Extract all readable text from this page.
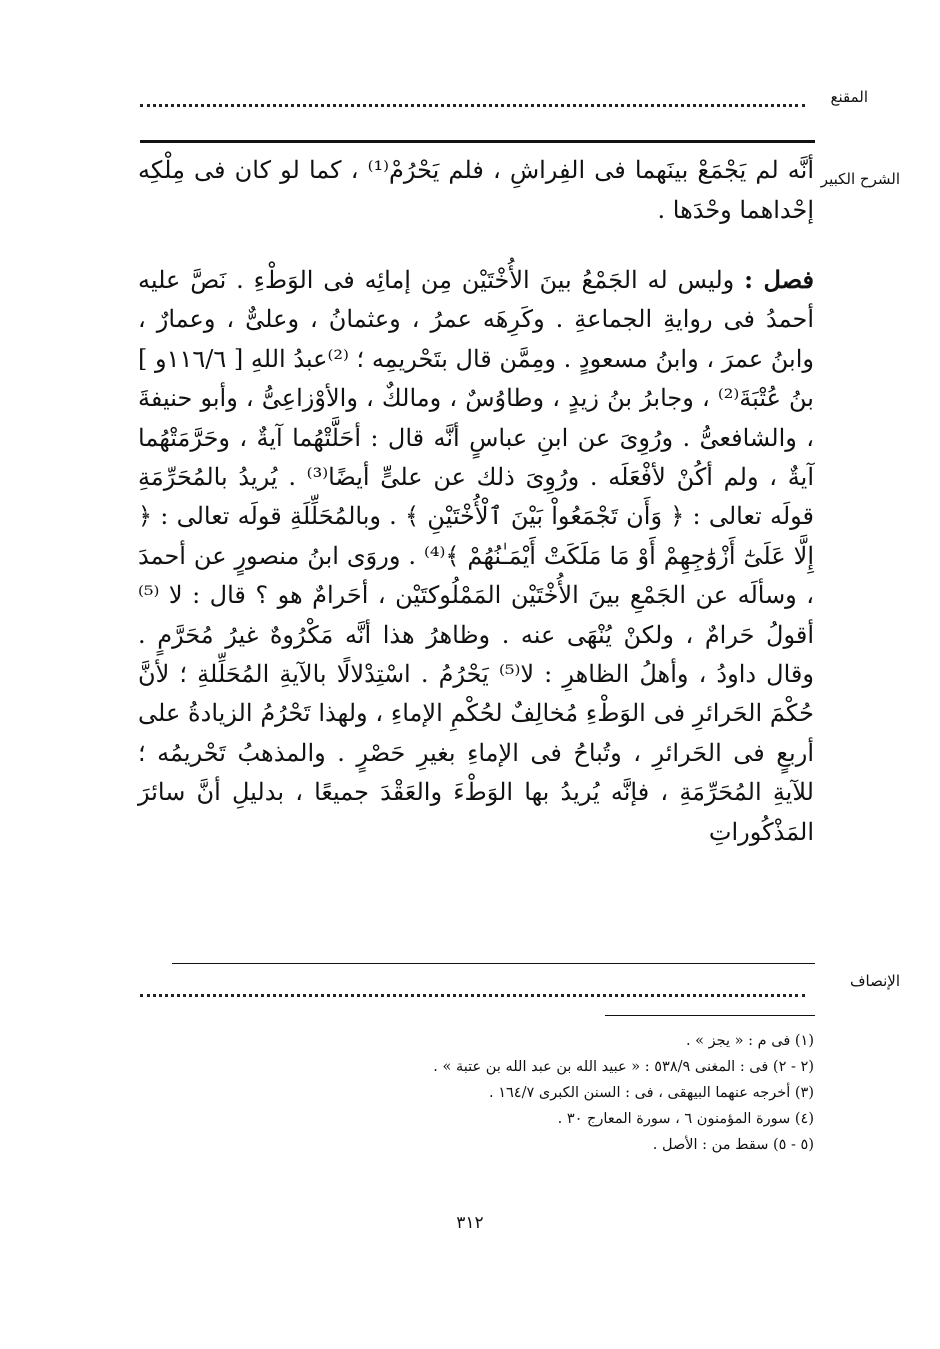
المقنع
الشرح الكبير

أنَّه لم يَجْمَعْ بينَهما فى الفِراشِ ، فلم يَحْرُمْ⁽¹⁾ ، كما لو كان فى مِلْكِه إحْداهما وحْدَها .

فصل : وليس له الجَمْعُ بينَ الأُخْتَيْن مِن إمائِه فى الوَطْءِ . نَصَّ عليه أحمدُ فى روايةِ الجماعةِ . وكَرِهَه عمرُ ، وعثمانُ ، وعلىٌّ ، وعمارٌ ، وابنُ عمرَ ، وابنُ مسعودٍ . ومِمَّن قال بتَحْريمِه ؛ ⁽²⁾عبدُ اللهِ [ ١١٦/٦و ] بنُ عُتْبَةَ⁽²⁾ ، وجابرُ بنُ زيدٍ ، وطاوُسٌ ، ومالكٌ ، والأوْزاعِىُّ ، وأبو حنيفةَ ، والشافعىُّ . ورُوِىَ عن ابنِ عباسٍ أنَّه قال : أحَلَّتْهُما آيةٌ ، وحَرَّمَتْهُما آيةٌ ، ولم أكُنْ لأفْعَلَه . ورُوِىَ ذلك عن علىٍّ أيضًا⁽³⁾ . يُريدُ بالمُحَرِّمَةِ قولَه تعالى : ﴿ وَأَن تَجْمَعُواْ بَيْنَ ٱلْأُخْتَيْنِ ﴾ . وبالمُحَلِّلَةِ قولَه تعالى : ﴿ إِلَّا عَلَىٰٓ أَزْوَٰجِهِمْ أَوْ مَا مَلَكَتْ أَيْمَـٰنُهُمْ ﴾⁽⁴⁾ . وروَى ابنُ منصورٍ عن أحمدَ ، وسألَه عن الجَمْعِ بينَ الأُخْتَيْن المَمْلُوكتَيْن ، أحَرامٌ هو ؟ قال : لا ⁽⁵⁾أقولُ حَرامٌ ، ولكنْ يُنْهَى عنه . وظاهرُ هذا أنَّه مَكْرُوهٌ غيرُ مُحَرَّمٍ . وقال داودُ ، وأهلُ الظاهرِ : لا⁽⁵⁾ يَحْرُمُ . اسْتِدْلالًا بالآيةِ المُحَلِّلةِ ؛ لأنَّ حُكْمَ الحَرائرِ فى الوَطْءِ مُخالِفٌ لحُكْمِ الإماءِ ، ولهذا تَحْرُمُ الزيادةُ على أربعٍ فى الحَرائرِ ، وتُباحُ فى الإماءِ بغيرِ حَصْرٍ . والمذهبُ تَحْريمُه ؛ للآيةِ المُحَرِّمَةِ ، فإنَّه يُريدُ بها الوَطْءَ والعَقْدَ جميعًا ، بدليلِ أنَّ سائرَ المَذْكُوراتِ

الإنصاف
(١) فى م : « يجز » .
(٢ - ٢) فى : المغنى ٥٣٨/٩ : « عبيد الله بن عبد الله بن عتبة » .
(٣) أخرجه عنهما البيهقى ، فى : السنن الكبرى ١٦٤/٧ .
(٤) سورة المؤمنون ٦ ، سورة المعارج ٣٠ .
(٥ - ٥) سقط من : الأصل .
٣١٢
